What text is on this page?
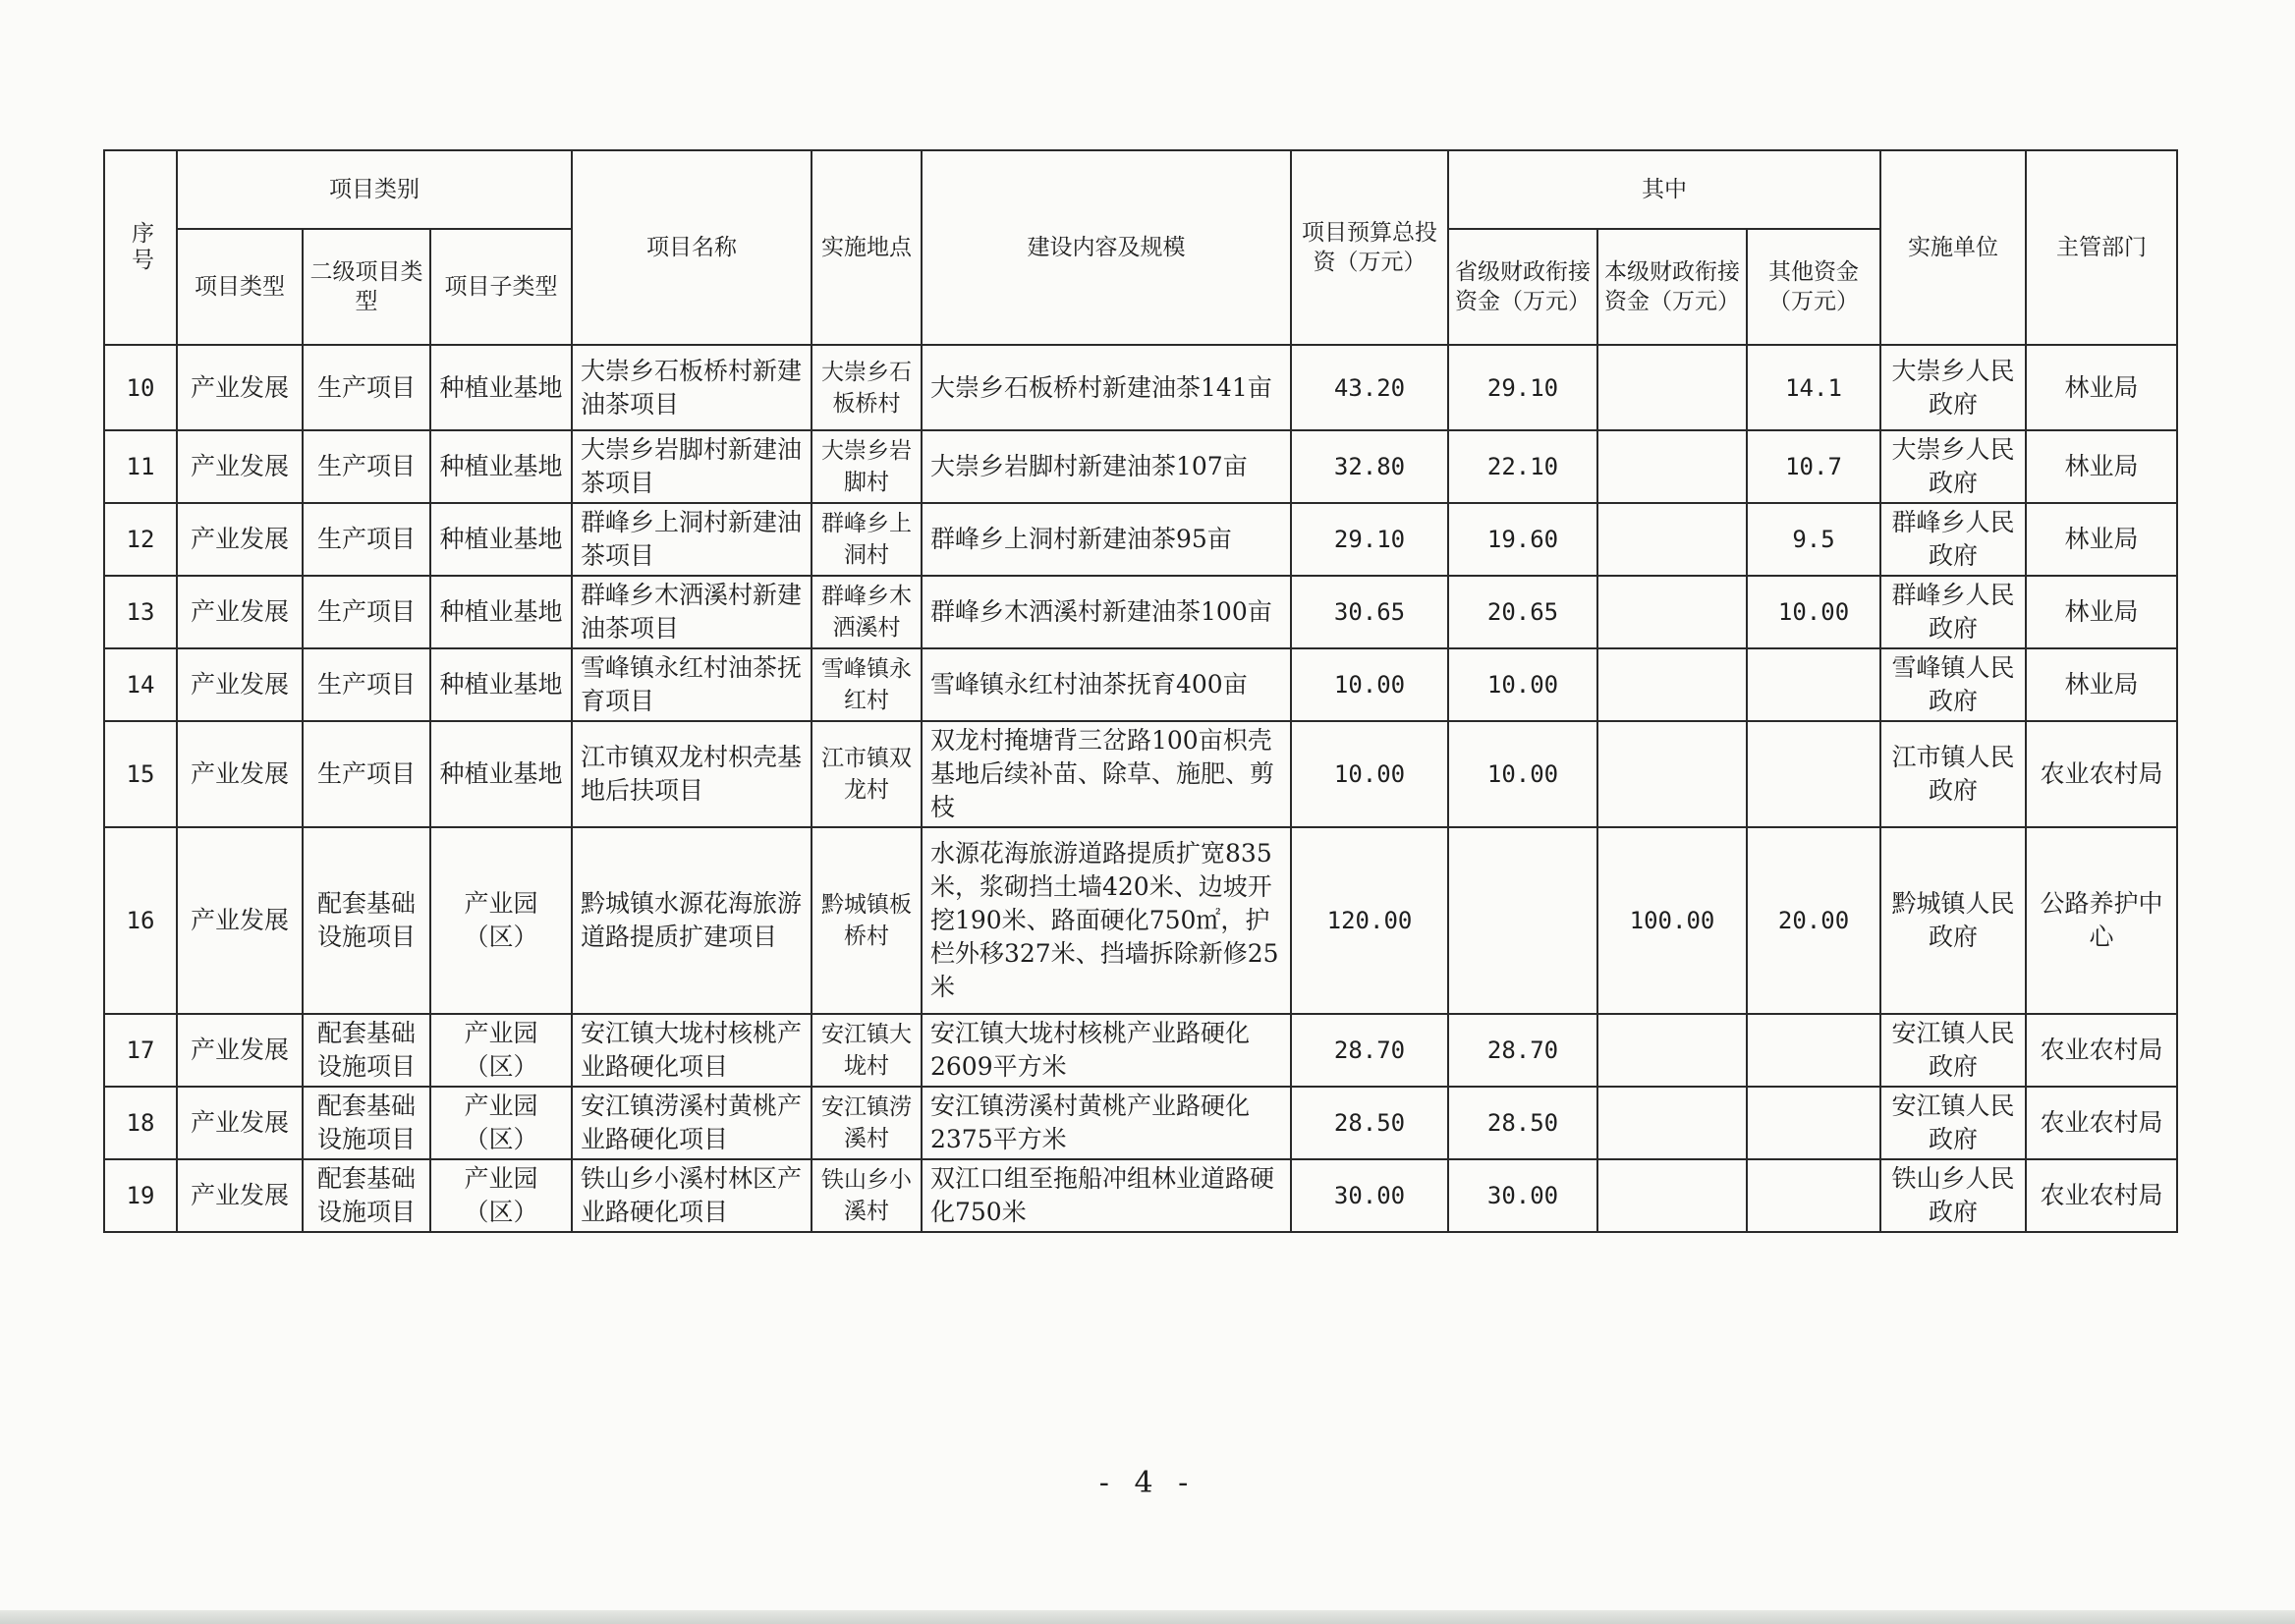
序号	项目类别			项目名称	实施地点	建设内容及规模	项目预算总投资（万元）	其中			实施单位	主管部门
	项目类型	二级项目类型	项目子类型					省级财政衔接资金（万元）	本级财政衔接资金（万元）	其他资金（万元）		
10	产业发展	生产项目	种植业基地	大崇乡石板桥村新建油茶项目	大崇乡石板桥村	大崇乡石板桥村新建油茶141亩	43.20	29.10		14.1	大崇乡人民政府	林业局
11	产业发展	生产项目	种植业基地	大崇乡岩脚村新建油茶项目	大崇乡岩脚村	大崇乡岩脚村新建油茶107亩	32.80	22.10		10.7	大崇乡人民政府	林业局
12	产业发展	生产项目	种植业基地	群峰乡上洞村新建油茶项目	群峰乡上洞村	群峰乡上洞村新建油茶95亩	29.10	19.60		9.5	群峰乡人民政府	林业局
13	产业发展	生产项目	种植业基地	群峰乡木洒溪村新建油茶项目	群峰乡木洒溪村	群峰乡木洒溪村新建油茶100亩	30.65	20.65		10.00	群峰乡人民政府	林业局
14	产业发展	生产项目	种植业基地	雪峰镇永红村油茶抚育项目	雪峰镇永红村	雪峰镇永红村油茶抚育400亩	10.00	10.00			雪峰镇人民政府	林业局
15	产业发展	生产项目	种植业基地	江市镇双龙村枳壳基地后扶项目	江市镇双龙村	双龙村掩塘背三岔路100亩枳壳基地后续补苗、除草、施肥、剪枝	10.00	10.00			江市镇人民政府	农业农村局
16	产业发展	配套基础设施项目	产业园（区）	黔城镇水源花海旅游道路提质扩建项目	黔城镇板桥村	水源花海旅游道路提质扩宽835米，浆砌挡土墙420米、边坡开挖190米、路面硬化750㎡，护栏外移327米、挡墙拆除新修25米	120.00		100.00	20.00	黔城镇人民政府	公路养护中心
17	产业发展	配套基础设施项目	产业园（区）	安江镇大垅村核桃产业路硬化项目	安江镇大垅村	安江镇大垅村核桃产业路硬化2609平方米	28.70	28.70			安江镇人民政府	农业农村局
18	产业发展	配套基础设施项目	产业园（区）	安江镇涝溪村黄桃产业路硬化项目	安江镇涝溪村	安江镇涝溪村黄桃产业路硬化2375平方米	28.50	28.50			安江镇人民政府	农业农村局
19	产业发展	配套基础设施项目	产业园（区）	铁山乡小溪村林区产业路硬化项目	铁山乡小溪村	双江口组至拖船冲组林业道路硬化750米	30.00	30.00			铁山乡人民政府	农业农村局
- 4 -
